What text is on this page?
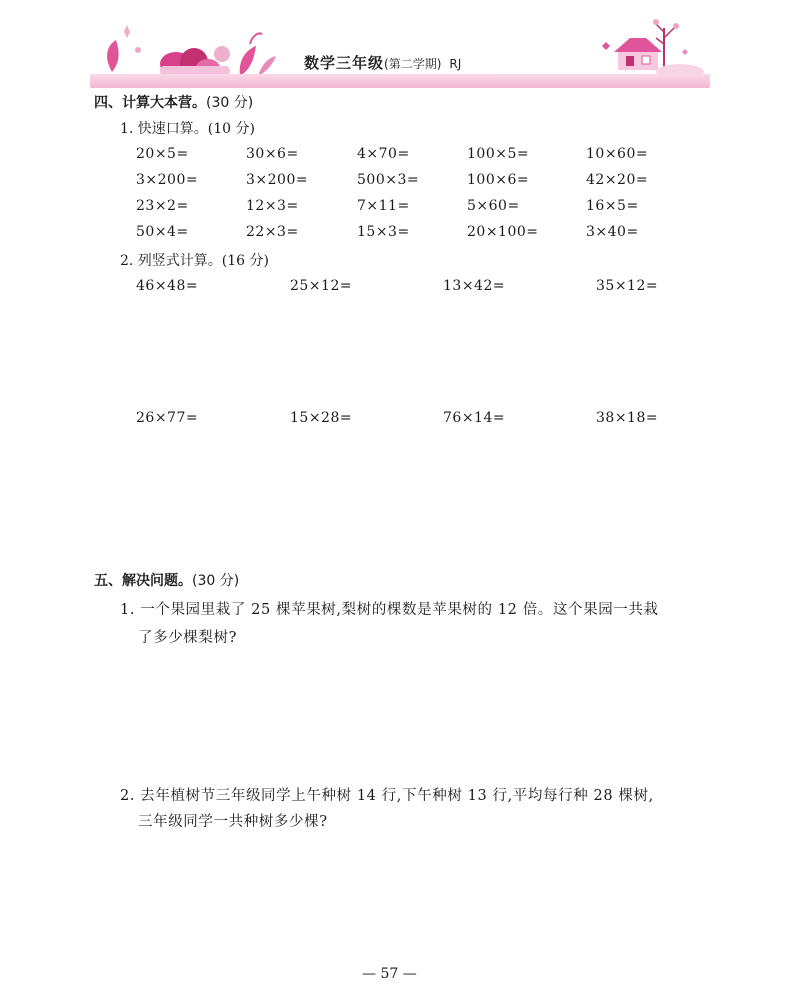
数学三年级(第二学期) RJ
四、计算大本营。(30 分)
1. 快速口算。(10 分)
20×5=	30×6=	4×70=	100×5=	10×60=
3×200=	3×200=	500×3=	100×6=	42×20=
23×2=	12×3=	7×11=	5×60=	16×5=
50×4=	22×3=	15×3=	20×100=	3×40=
2. 列竖式计算。(16 分)
46×48=	25×12=	13×42=	35×12=
26×77=	15×28=	76×14=	38×18=
五、解决问题。(30 分)
1. 一个果园里栽了 25 棵苹果树,梨树的棵数是苹果树的 12 倍。这个果园一共栽
了多少棵梨树?
2. 去年植树节三年级同学上午种树 14 行,下午种树 13 行,平均每行种 28 棵树,
三年级同学一共种树多少棵?
— 57 —
